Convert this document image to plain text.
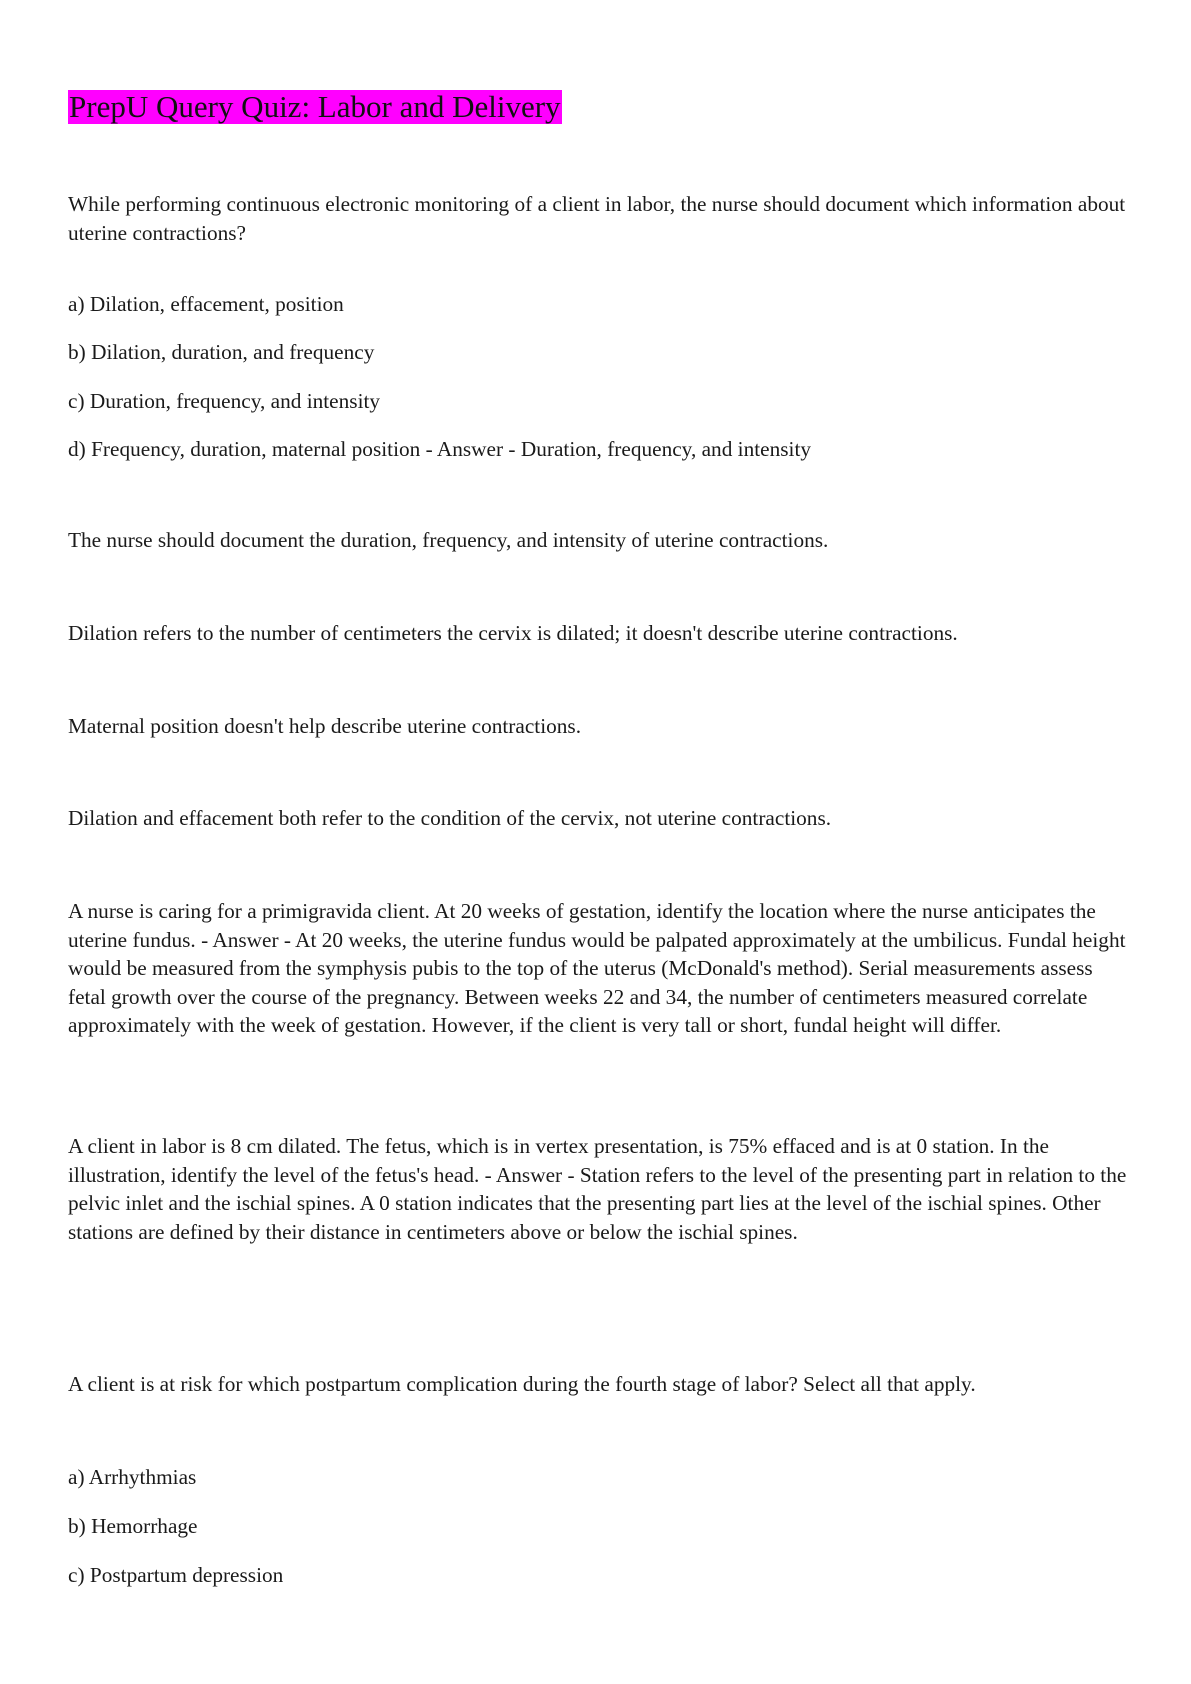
PrepU Query Quiz: Labor and Delivery

While performing continuous electronic monitoring of a client in labor, the nurse should document which information about uterine contractions?

a) Dilation, effacement, position

b) Dilation, duration, and frequency

c) Duration, frequency, and intensity

d) Frequency, duration, maternal position - Answer - Duration, frequency, and intensity

The nurse should document the duration, frequency, and intensity of uterine contractions.

Dilation refers to the number of centimeters the cervix is dilated; it doesn't describe uterine contractions.

Maternal position doesn't help describe uterine contractions.

Dilation and effacement both refer to the condition of the cervix, not uterine contractions.

A nurse is caring for a primigravida client. At 20 weeks of gestation, identify the location where the nurse anticipates the uterine fundus. - Answer - At 20 weeks, the uterine fundus would be palpated approximately at the umbilicus. Fundal height would be measured from the symphysis pubis to the top of the uterus (McDonald's method). Serial measurements assess fetal growth over the course of the pregnancy. Between weeks 22 and 34, the number of centimeters measured correlate approximately with the week of gestation. However, if the client is very tall or short, fundal height will differ.

A client in labor is 8 cm dilated. The fetus, which is in vertex presentation, is 75% effaced and is at 0 station. In the illustration, identify the level of the fetus's head. - Answer - Station refers to the level of the presenting part in relation to the pelvic inlet and the ischial spines. A 0 station indicates that the presenting part lies at the level of the ischial spines. Other stations are defined by their distance in centimeters above or below the ischial spines.

A client is at risk for which postpartum complication during the fourth stage of labor? Select all that apply.

a) Arrhythmias

b) Hemorrhage

c) Postpartum depression
